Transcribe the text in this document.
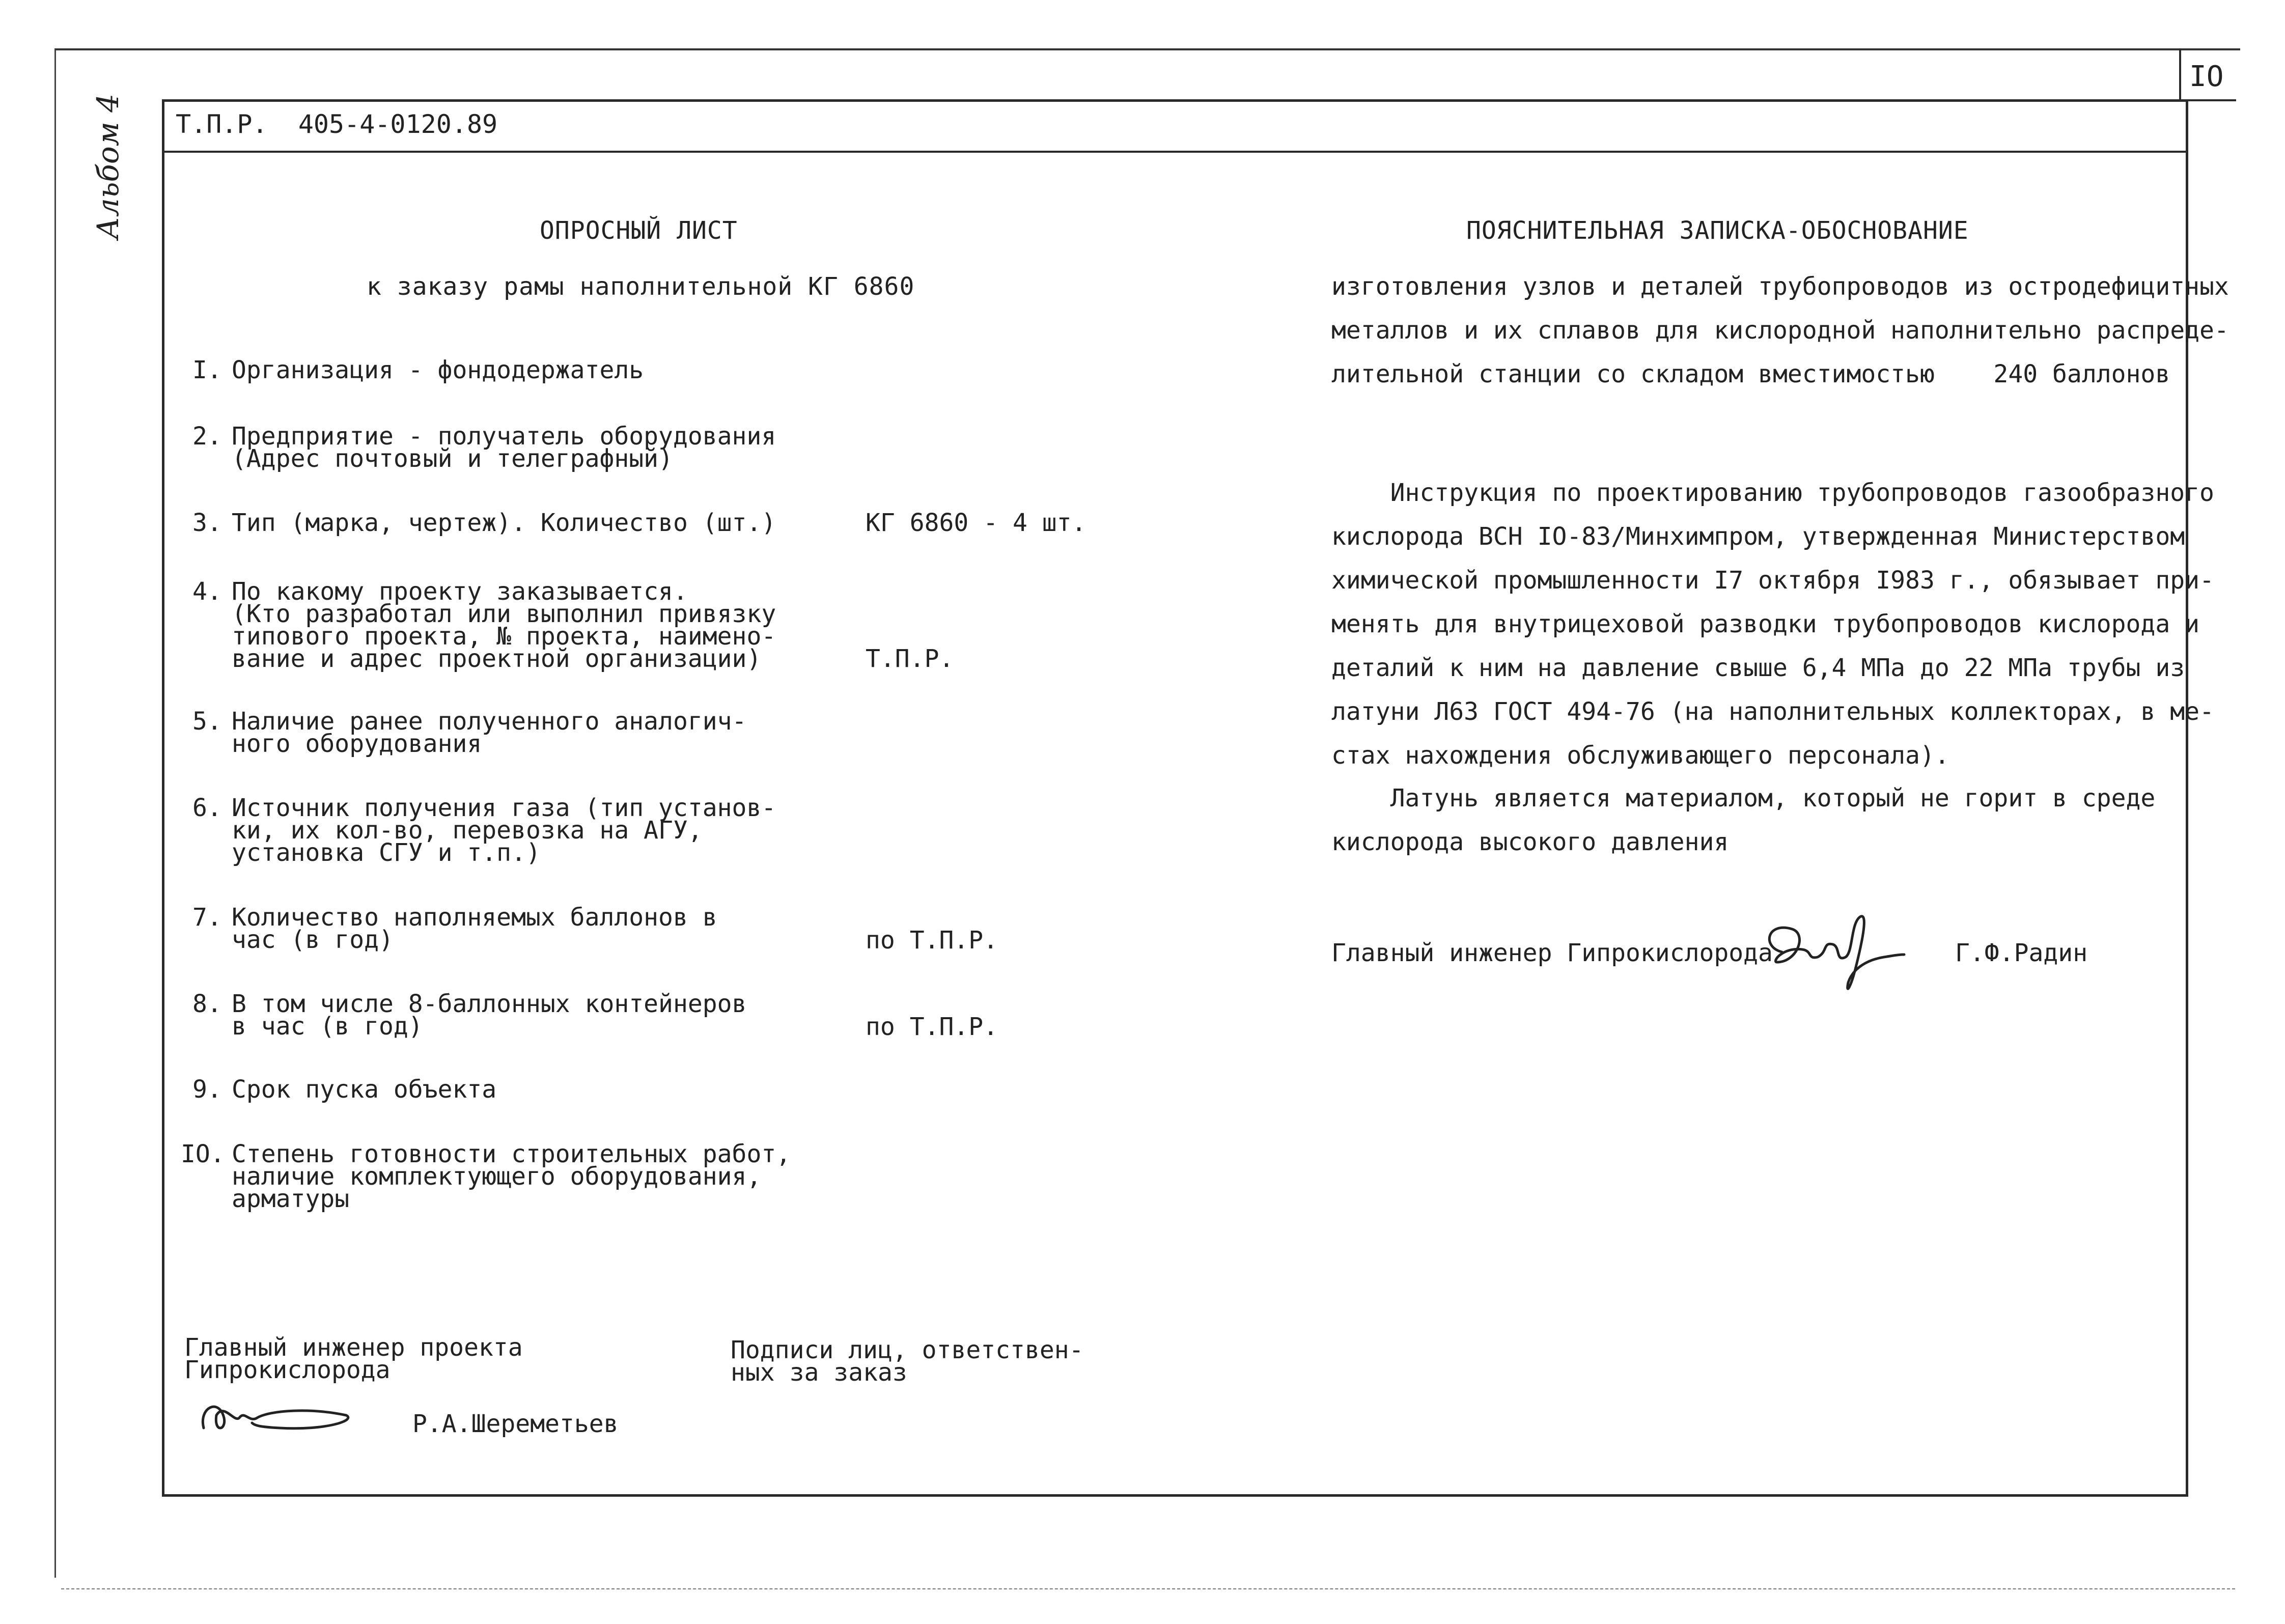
IO
Т.П.Р.  405-4-0120.89
Альбом 4	ОПРОСНЫЙ ЛИСТ
к заказу рамы наполнительной КГ 6860
I. Организация - фондодержатель
2. Предприятие - получатель оборудования
(Адрес почтовый и телеграфный)
3. Тип (марка, чертеж). Количество (шт.)	КГ 6860 - 4 шт.
4. По какому проекту заказывается.
(Кто разработал или выполнил привязку
типового проекта, № проекта, наимено-
вание и адрес проектной организации)	Т.П.Р.
5. Наличие ранее полученного аналогич-
ного оборудования
6. Источник получения газа (тип установ-
ки, их кол-во, перевозка на АГУ,
установка СГУ и т.п.)
7. Количество наполняемых баллонов в
час (в год)	по Т.П.Р.
8. В том числе 8-баллонных контейнеров
в час (в год)	по Т.П.Р.
9. Срок пуска объекта
IO. Степень готовности строительных работ,
наличие комплектующего оборудования,
арматуры
Главный инженер проекта
Гипрокислорода
Р.А.Шереметьев
Подписи лиц, ответствен-
ных за заказ
ПОЯСНИТЕЛЬНАЯ ЗАПИСКА-ОБОСНОВАНИЕ
изготовления узлов и деталей трубопроводов из остродефицитных
металлов и их сплавов для кислородной наполнительно распреде-
лительной станции со складом вместимостью    240 баллонов
Инструкция по проектированию трубопроводов газообразного
кислорода ВСН IO-83/Минхимпром, утвержденная Министерством
химической промышленности I7 октября I983 г., обязывает при-
менять для внутрицеховой разводки трубопроводов кислорода и
деталий к ним на давление свыше 6,4 МПа до 22 МПа трубы из
латуни Л63 ГОСТ 494-76 (на наполнительных коллекторах, в ме-
стах нахождения обслуживающего персонала).
Латунь является материалом, который не горит в среде
кислорода высокого давления
Главный инженер Гипрокислорода	Г.Ф.Радин
